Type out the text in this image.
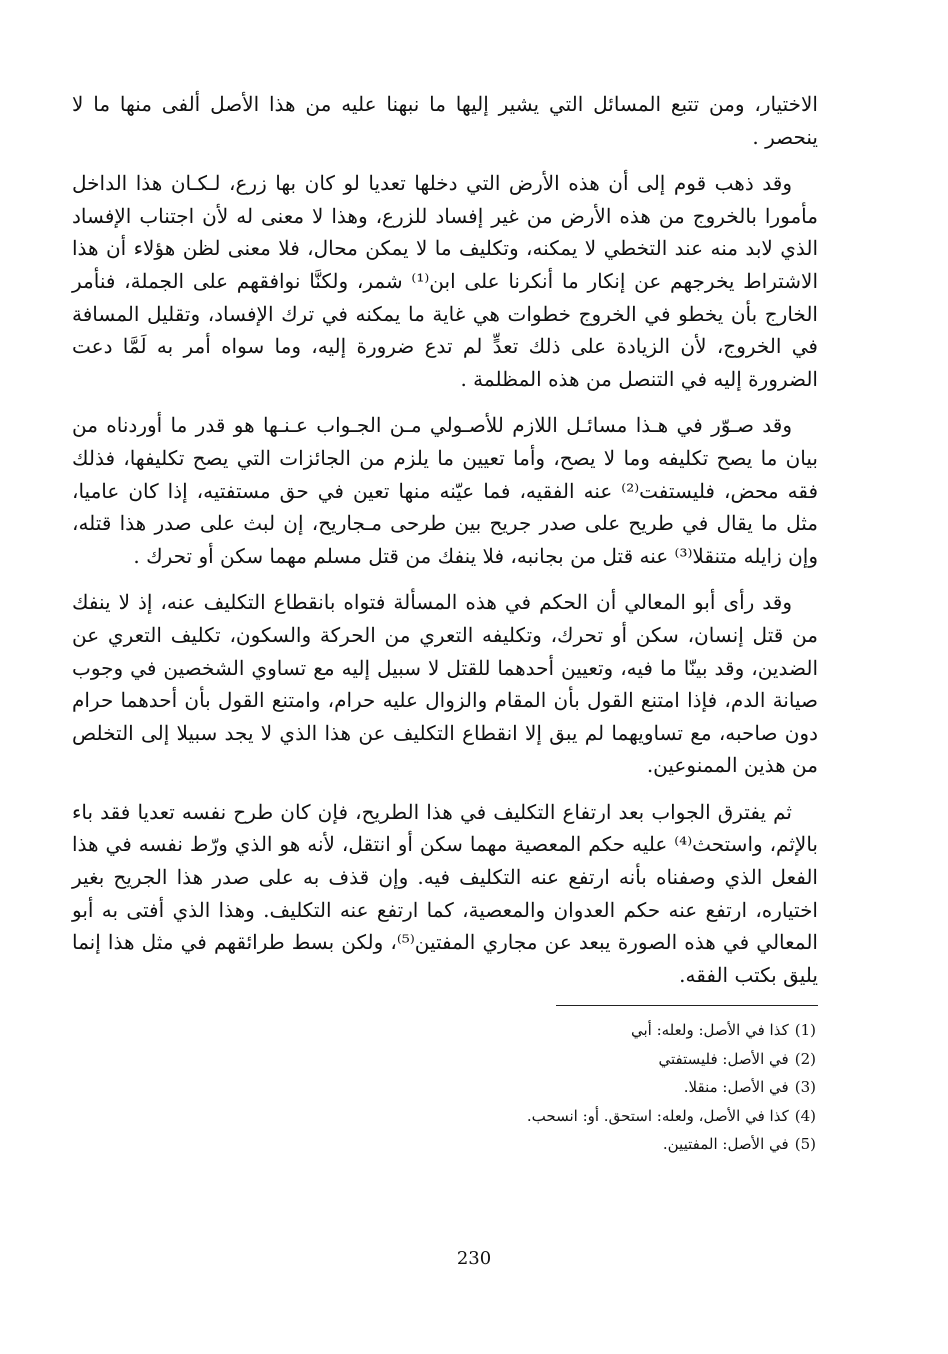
الاختيار، ومن تتبع المسائل التي يشير إليها ما نبهنا عليه من هذا الأصل ألفى منها ما لا ينحصر .

وقد ذهب قوم إلى أن هذه الأرض التي دخلها تعديا لو كان بها زرع، لـكـان هذا الداخل مأمورا بالخروج من هذه الأرض من غير إفساد للزرع، وهذا لا معنى له لأن اجتناب الإفساد الذي لابد منه عند التخطي لا يمكنه، وتكليف ما لا يمكن محال، فلا معنى لظن هؤلاء أن هذا الاشتراط يخرجهم عن إنكار ما أنكرنا على ابن⁽¹⁾ شمر، ولكنَّا نوافقهم على الجملة، فنأمر الخارج بأن يخطو في الخروج خطوات هي غاية ما يمكنه في ترك الإفساد، وتقليل المسافة في الخروج، لأن الزيادة على ذلك تعدٍّ لم تدع ضرورة إليه، وما سواه أمر به لَمَّا دعت الضرورة إليه في التنصل من هذه المظلمة .

وقد صـوّر في هـذا مسائـل اللازم للأصـولي مـن الجـواب عـنـها هو قدر ما أوردناه من بيان ما يصح تكليفه وما لا يصح، وأما تعيين ما يلزم من الجائزات التي يصح تكليفها، فذلك فقه محض، فليستفت⁽²⁾ عنه الفقيه، فما عيّنه منها تعين في حق مستفتيه، إذا كان عاميا، مثل ما يقال في طريح على صدر جريح بين طرحى مـجاريح، إن لبث على صدر هذا قتله، وإن زايله متنقلا⁽³⁾ عنه قتل من بجانبه، فلا ينفك من قتل مسلم مهما سكن أو تحرك .

وقد رأى أبو المعالي أن الحكم في هذه المسألة فتواه بانقطاع التكليف عنه، إذ لا ينفك من قتل إنسان، سكن أو تحرك، وتكليفه التعري من الحركة والسكون، تكليف التعري عن الضدين، وقد بينّا ما فيه، وتعيين أحدهما للقتل لا سبيل إليه مع تساوي الشخصين في وجوب صيانة الدم، فإذا امتنع القول بأن المقام والزوال عليه حرام، وامتنع القول بأن أحدهما حرام دون صاحبه، مع تساويهما لم يبق إلا انقطاع التكليف عن هذا الذي لا يجد سبيلا إلى التخلص من هذين الممنوعين.

ثم يفترق الجواب بعد ارتفاع التكليف في هذا الطريح، فإن كان طرح نفسه تعديا فقد باء بالإثم، واستحث⁽⁴⁾ عليه حكم المعصية مهما سكن أو انتقل، لأنه هو الذي ورّط نفسه في هذا الفعل الذي وصفناه بأنه ارتفع عنه التكليف فيه. وإن قذف به على صدر هذا الجريح بغير اختياره، ارتفع عنه حكم العدوان والمعصية، كما ارتفع عنه التكليف. وهذا الذي أفتى به أبو المعالي في هذه الصورة يبعد عن مجاري المفتين⁽⁵⁾، ولكن بسط طرائقهم في مثل هذا إنما يليق بكتب الفقه.

(1)
كذا في الأصل: ولعله: أبي
(2)
في الأصل: فليستفتي
(3)
في الأصل: منقلا.
(4)
كذا في الأصل، ولعله: استحق. أو: انسحب.
(5)
في الأصل: المفتيين.
230
